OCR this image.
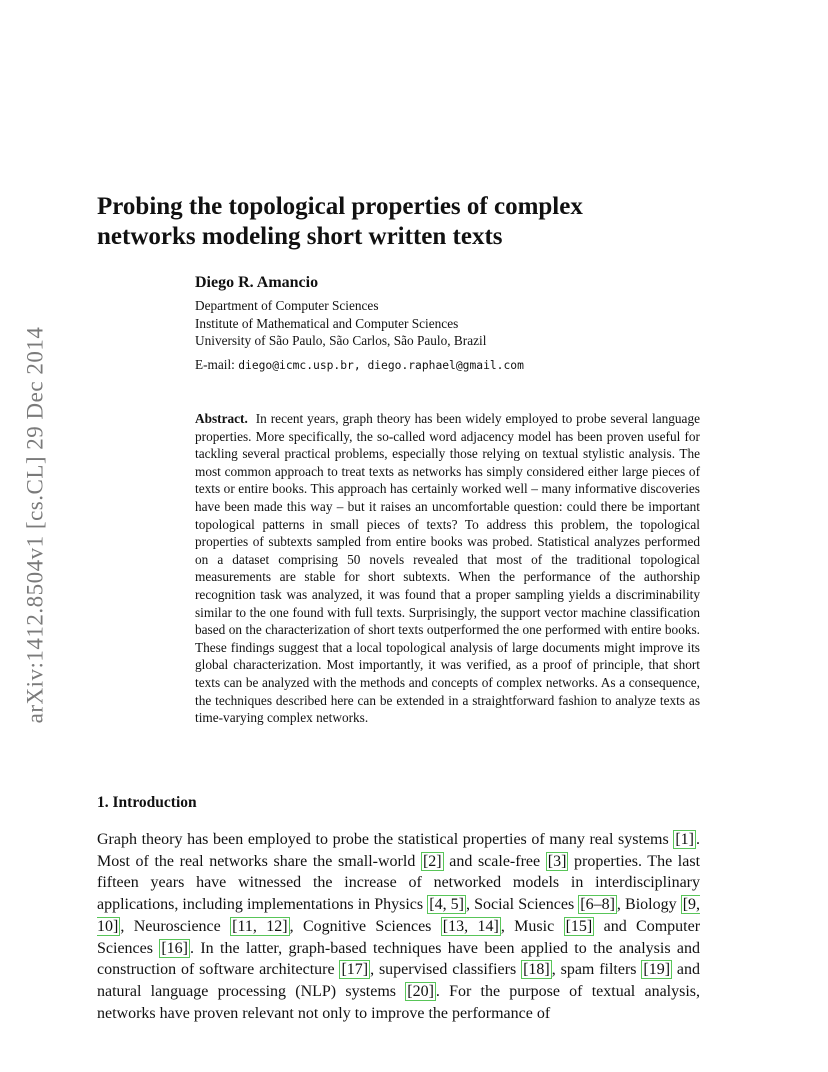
arXiv:1412.8504v1 [cs.CL] 29 Dec 2014
Probing the topological properties of complex
networks modeling short written texts
Diego R. Amancio
Department of Computer Sciences
Institute of Mathematical and Computer Sciences
University of São Paulo, São Carlos, São Paulo, Brazil
E-mail: diego@icmc.usp.br, diego.raphael@gmail.com

Abstract. In recent years, graph theory has been widely employed to probe several language properties. More specifically, the so-called word adjacency model has been proven useful for tackling several practical problems, especially those relying on textual stylistic analysis. The most common approach to treat texts as networks has simply considered either large pieces of texts or entire books. This approach has certainly worked well – many informative discoveries have been made this way – but it raises an uncomfortable question: could there be important topological patterns in small pieces of texts? To address this problem, the topological properties of subtexts sampled from entire books was probed. Statistical analyzes performed on a dataset comprising 50 novels revealed that most of the traditional topological measurements are stable for short subtexts. When the performance of the authorship recognition task was analyzed, it was found that a proper sampling yields a discriminability similar to the one found with full texts. Surprisingly, the support vector machine classification based on the characterization of short texts outperformed the one performed with entire books. These findings suggest that a local topological analysis of large documents might improve its global characterization. Most importantly, it was verified, as a proof of principle, that short texts can be analyzed with the methods and concepts of complex networks. As a consequence, the techniques described here can be extended in a straightforward fashion to analyze texts as time-varying complex networks.

1. Introduction

Graph theory has been employed to probe the statistical properties of many real systems [1] . Most of the real networks share the small-world [2] and scale-free [3] properties. The last fifteen years have witnessed the increase of networked models in interdisciplinary applications, including implementations in Physics [4, 5] , Social Sciences [6–8] , Biology [9, 10] , Neuroscience [11, 12] , Cognitive Sciences [13, 14] , Music [15] and Computer Sciences [16] . In the latter, graph-based techniques have been applied to the analysis and construction of software architecture [17] , supervised classifiers [18] , spam filters [19] and natural language processing (NLP) systems [20] . For the purpose of textual analysis, networks have proven relevant not only to improve the performance of
